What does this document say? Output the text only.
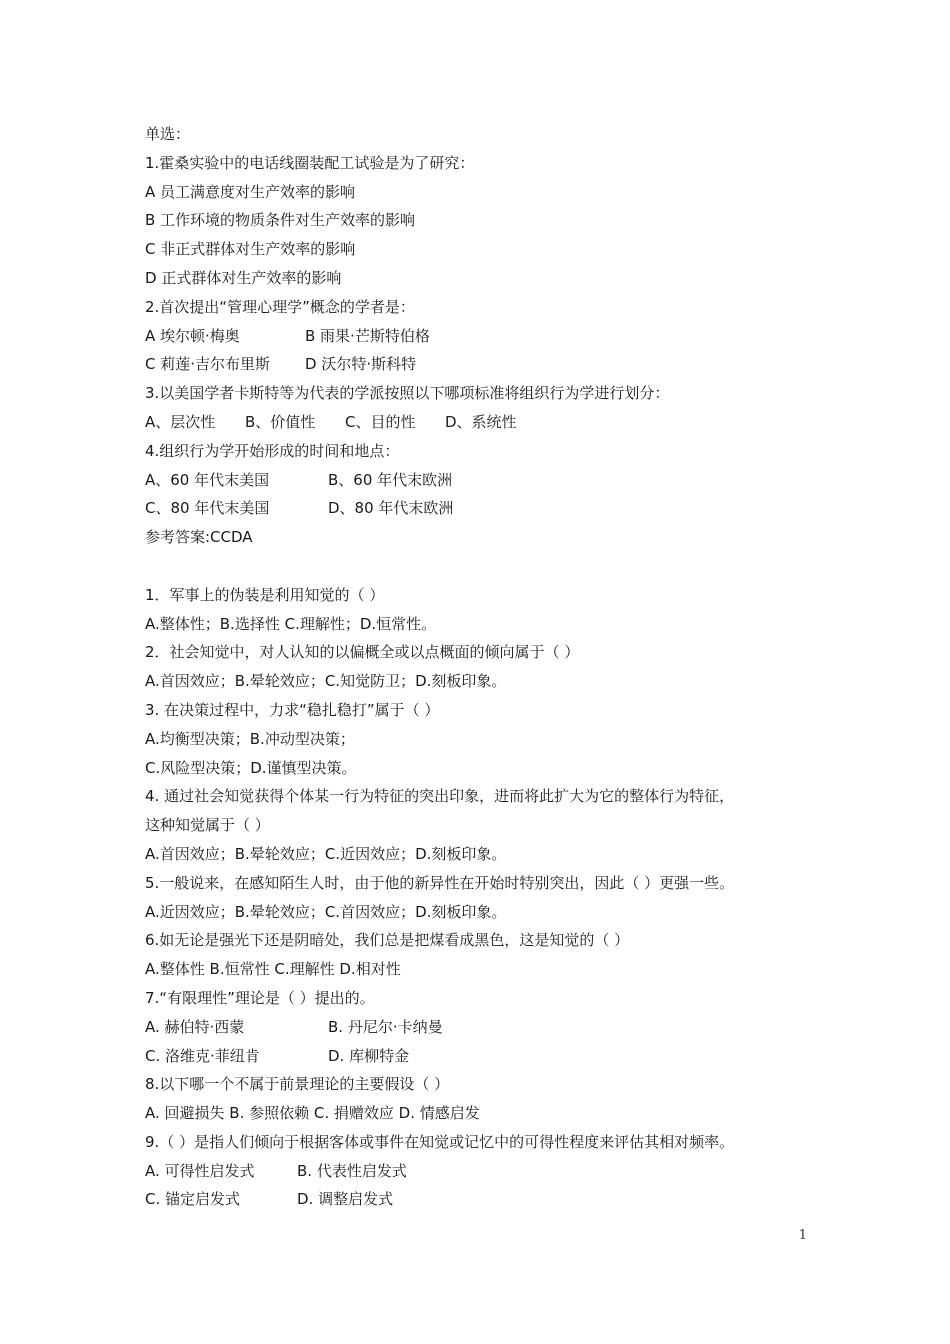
单选：
1.霍桑实验中的电话线圈装配工试验是为了研究：
A 员工满意度对生产效率的影响
B 工作环境的物质条件对生产效率的影响
C 非正式群体对生产效率的影响
D 正式群体对生产效率的影响
2.首次提出“管理心理学”概念的学者是：
A 埃尔顿·梅奥	B 雨果·芒斯特伯格
C 莉莲·吉尔布里斯 D 沃尔特·斯科特
3.以美国学者卡斯特等为代表的学派按照以下哪项标准将组织行为学进行划分：
A、层次性 B、价值性 C、目的性 D、系统性
4.组织行为学开始形成的时间和地点：
A、60 年代末美国	B、60 年代末欧洲
C、80 年代末美国	D、80 年代末欧洲
参考答案:CCDA
1．军事上的伪装是利用知觉的（ ）
A.整体性；B.选择性 C.理解性；D.恒常性。
2．社会知觉中，对人认知的以偏概全或以点概面的倾向属于（ ）
A.首因效应；B.晕轮效应；C.知觉防卫；D.刻板印象。
3. 在决策过程中，力求“稳扎稳打”属于（ ）
A.均衡型决策；B.冲动型决策；
C.风险型决策；D.谨慎型决策。
4. 通过社会知觉获得个体某一行为特征的突出印象，进而将此扩大为它的整体行为特征，
这种知觉属于（ ）
A.首因效应；B.晕轮效应；C.近因效应；D.刻板印象。
5.一般说来，在感知陌生人时，由于他的新异性在开始时特别突出，因此（ ）更强一些。
A.近因效应；B.晕轮效应；C.首因效应；D.刻板印象。
6.如无论是强光下还是阴暗处，我们总是把煤看成黑色，这是知觉的（ ）
A.整体性 B.恒常性 C.理解性 D.相对性
7.“有限理性”理论是（ ）提出的。
A. 赫伯特·西蒙	B. 丹尼尔·卡纳曼
C. 洛维克·菲纽肯	D. 库柳特金
8.以下哪一个不属于前景理论的主要假设（ ）
A. 回避损失 B. 参照依赖 C. 捐赠效应 D. 情感启发
9.（ ）是指人们倾向于根据客体或事件在知觉或记忆中的可得性程度来评估其相对频率。
A. 可得性启发式	B. 代表性启发式
C. 锚定启发式	D. 调整启发式
1
